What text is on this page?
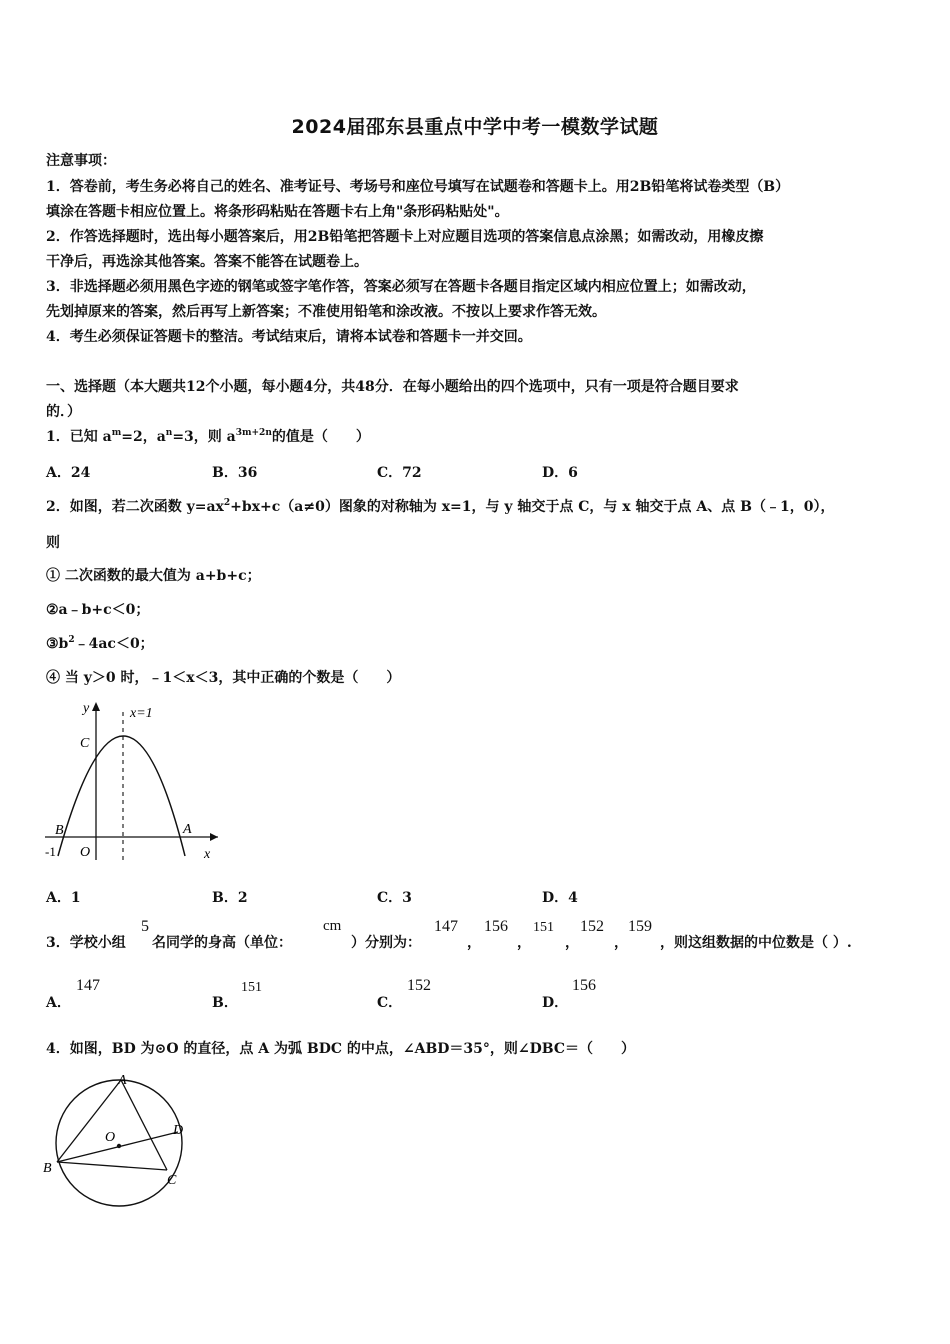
2024届邵东县重点中学中考一模数学试题
注意事项：
1．答卷前，考生务必将自己的姓名、准考证号、考场号和座位号填写在试题卷和答题卡上。用2B铅笔将试卷类型（B）
填涂在答题卡相应位置上。将条形码粘贴在答题卡右上角"条形码粘贴处"。
2．作答选择题时，选出每小题答案后，用2B铅笔把答题卡上对应题目选项的答案信息点涂黑；如需改动，用橡皮擦
干净后，再选涂其他答案。答案不能答在试题卷上。
3．非选择题必须用黑色字迹的钢笔或签字笔作答，答案必须写在答题卡各题目指定区域内相应位置上；如需改动，
先划掉原来的答案，然后再写上新答案；不准使用铅笔和涂改液。不按以上要求作答无效。
4．考生必须保证答题卡的整洁。考试结束后，请将本试卷和答题卡一并交回。
一、选择题（本大题共12个小题，每小题4分，共48分．在每小题给出的四个选项中，只有一项是符合题目要求
的．）
1．已知 $a^m=2$，$a^n=3$，则 $a^{3m+2n}$的值是（　　）
A．24	B．36	C．72	D．6
2．如图，若二次函数 $y=ax^2+bx+c(a\ne 0)$图象的对称轴为 x=1，与 y 轴交于点 C，与 x 轴交于点 A、点 B（﹣1，0），
则
① 二次函数的最大值为 a+b+c；
②a﹣b+c＜0；
$③b^2﹣4ac<0$；
④ 当 y＞0 时，﹣1＜x＜3，其中正确的个数是（　　）
y	x=1
C
B	A
O	x
-1
A．1	B．2	C．3	D．4
3．学校小组
5
名同学的身高（单位：
cm
）分别为：
147
，
156
，
151
，
152
，
159
，则这组数据的中位数是（ ）.
A．
147
B．
151
C．
152
D．
156
4．如图，BD 为⊙O 的直径，点 A 为弧 BDC 的中点，∠ABD＝35°，则∠DBC＝（　　）
A
B
C
D
O
